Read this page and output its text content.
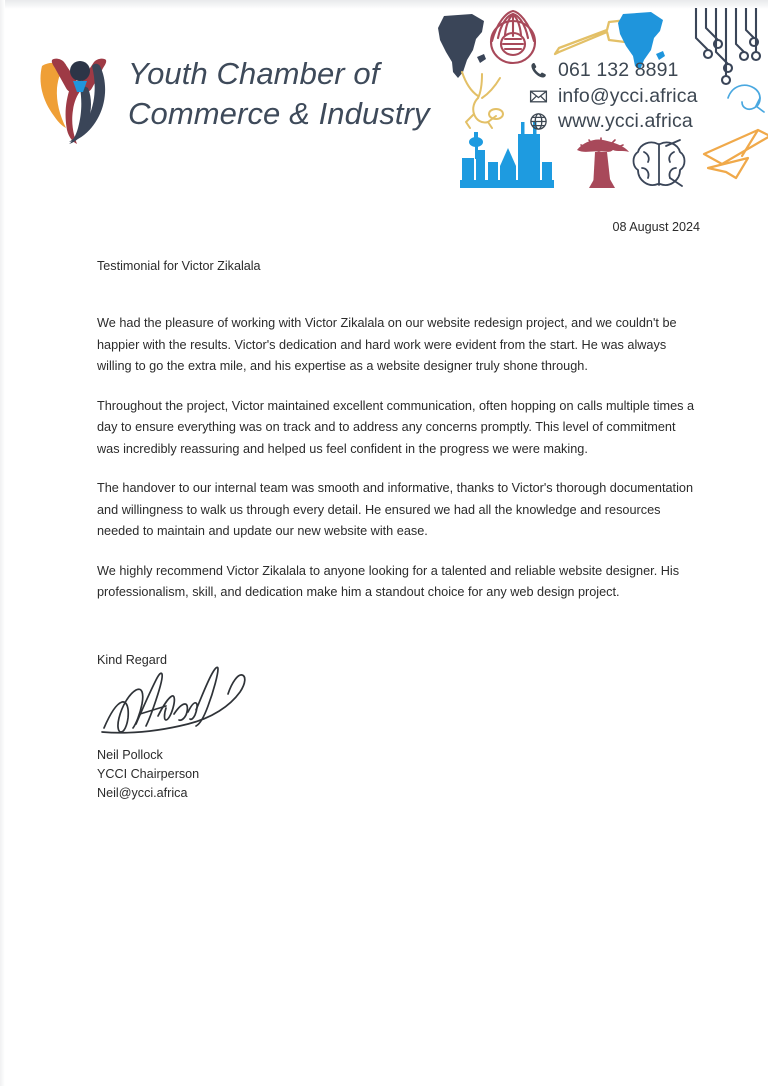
Youth Chamber of
Commerce & Industry
061 132 8891
info@ycci.africa
www.ycci.africa
08 August 2024
Testimonial for Victor Zikalala

We had the pleasure of working with Victor Zikalala on our website redesign project, and we couldn't be happier with the results. Victor's dedication and hard work were evident from the start. He was always willing to go the extra mile, and his expertise as a website designer truly shone through.

Throughout the project, Victor maintained excellent communication, often hopping on calls multiple times a day to ensure everything was on track and to address any concerns promptly. This level of commitment was incredibly reassuring and helped us feel confident in the progress we were making.

The handover to our internal team was smooth and informative, thanks to Victor's thorough documentation and willingness to walk us through every detail. He ensured we had all the knowledge and resources needed to maintain and update our new website with ease.

We highly recommend Victor Zikalala to anyone looking for a talented and reliable website designer. His professionalism, skill, and dedication make him a standout choice for any web design project.

Kind Regard
Neil Pollock
YCCI Chairperson
Neil@ycci.africa
